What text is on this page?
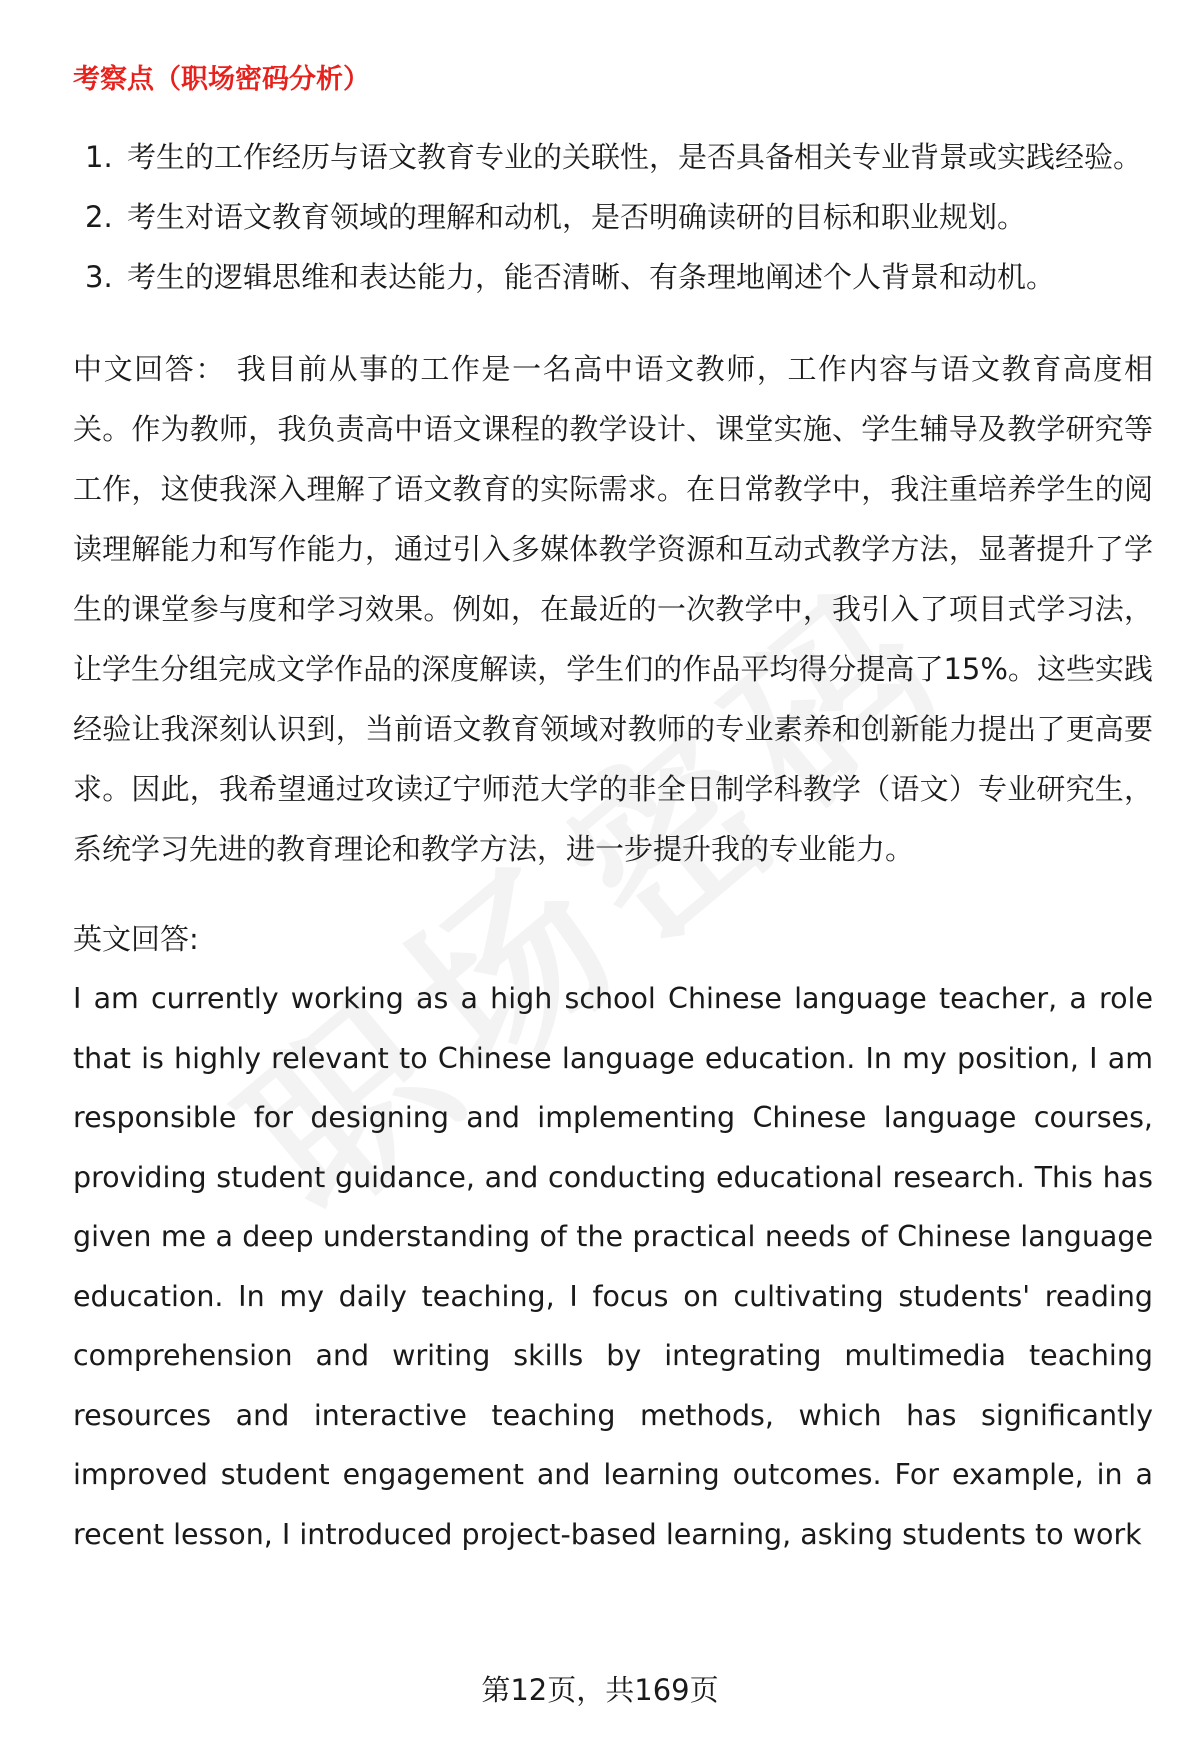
考察点（职场密码分析）
1. 考生的工作经历与语文教育专业的关联性，是否具备相关专业背景或实践经验。
2. 考生对语文教育领域的理解和动机，是否明确读研的目标和职业规划。
3. 考生的逻辑思维和表达能力，能否清晰、有条理地阐述个人背景和动机。

中文回答： 我目前从事的工作是一名高中语文教师，工作内容与语文教育高度相关。作为教师，我负责高中语文课程的教学设计、课堂实施、学生辅导及教学研究等工作，这使我深入理解了语文教育的实际需求。在日常教学中，我注重培养学生的阅读理解能力和写作能力，通过引入多媒体教学资源和互动式教学方法，显著提升了学生的课堂参与度和学习效果。例如，在最近的一次教学中，我引入了项目式学习法，让学生分组完成文学作品的深度解读，学生们的作品平均得分提高了15%。这些实践经验让我深刻认识到，当前语文教育领域对教师的专业素养和创新能力提出了更高要求。因此，我希望通过攻读辽宁师范大学的非全日制学科教学（语文）专业研究生，系统学习先进的教育理论和教学方法，进一步提升我的专业能力。

英文回答:

I am currently working as a high school Chinese language teacher, a role that is highly relevant to Chinese language education. In my position, I am responsible for designing and implementing Chinese language courses, providing student guidance, and conducting educational research. This has given me a deep understanding of the practical needs of Chinese language education. In my daily teaching, I focus on cultivating students' reading comprehension and writing skills by integrating multimedia teaching resources and interactive teaching methods, which has significantly improved student engagement and learning outcomes. For example, in a recent lesson, I introduced project-based learning, asking students to work

第12页，共169页
